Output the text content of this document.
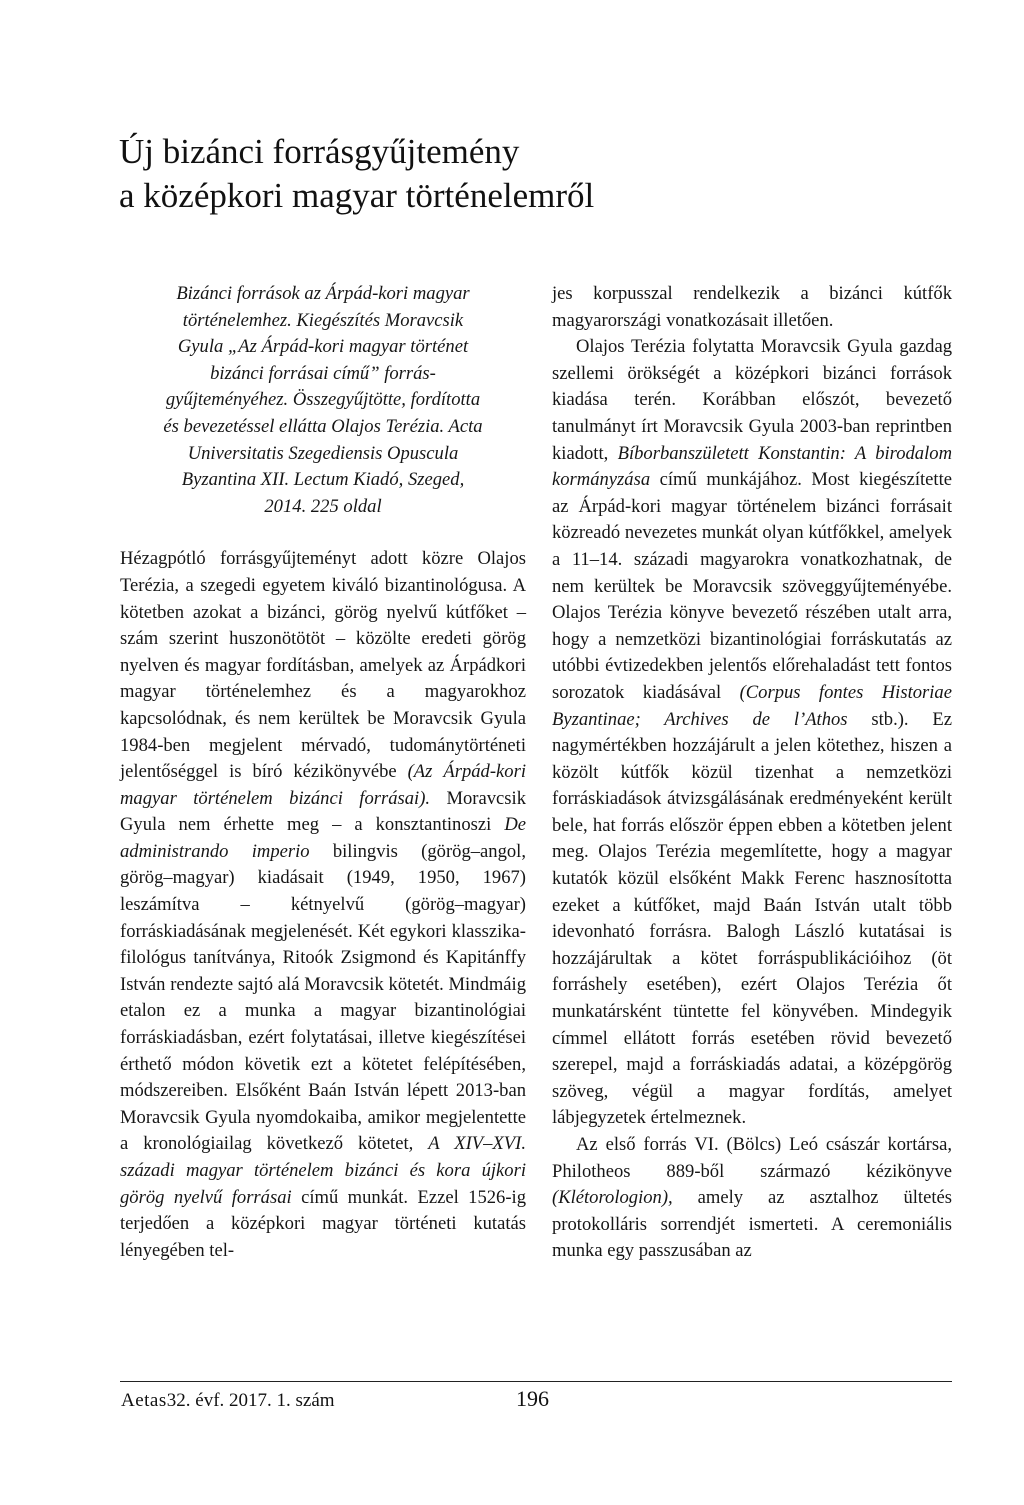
Új bizánci forrásgyűjtemény
a középkori magyar történelemről
Bizánci források az Árpád-kori magyar
történelemhez. Kiegészítés Moravcsik
Gyula „Az Árpád-kori magyar történet
bizánci forrásai című” forrás-
gyűjteményéhez. Összegyűjtötte, fordította
és bevezetéssel ellátta Olajos Terézia. Acta
Universitatis Szegediensis Opuscula
Byzantina XII. Lectum Kiadó, Szeged,
2014. 225 oldal

Hézagpótló forrásgyűjteményt adott közre Olajos Terézia, a szegedi egyetem kiváló bizantinológusa. A kötetben azokat a bizánci, görög nyelvű kútfőket – szám szerint huszonötötöt – közölte eredeti görög nyelven és magyar fordításban, amelyek az Árpádkori magyar történelemhez és a magyarokhoz kapcsolódnak, és nem kerültek be Moravcsik Gyula 1984-ben megjelent mérvadó, tudománytörténeti jelentőséggel is bíró kézikönyvébe (Az Árpád-kori magyar történelem bizánci forrásai). Moravcsik Gyula nem érhette meg – a konsztantinoszi De administrando imperio bilingvis (görög–angol, görög–magyar) kiadásait (1949, 1950, 1967) leszámítva – kétnyelvű (görög–magyar) forráskiadásának megjelenését. Két egykori klasszika-filológus tanítványa, Ritoók Zsigmond és Kapitánffy István rendezte sajtó alá Moravcsik kötetét. Mindmáig etalon ez a munka a magyar bizantinológiai forráskiadásban, ezért folytatásai, illetve kiegészítései érthető módon követik ezt a kötetet felépítésében, módszereiben. Elsőként Baán István lépett 2013-ban Moravcsik Gyula nyomdokaiba, amikor megjelentette a kronológiailag következő kötetet, A XIV–XVI. századi magyar történelem bizánci és kora újkori görög nyelvű forrásai című munkát. Ezzel 1526-ig terjedően a középkori magyar történeti kutatás lényegében tel-

jes korpusszal rendelkezik a bizánci kútfők magyarországi vonatkozásait illetően.

Olajos Terézia folytatta Moravcsik Gyula gazdag szellemi örökségét a középkori bizánci források kiadása terén. Korábban előszót, bevezető tanulmányt írt Moravcsik Gyula 2003-ban reprintben kiadott, Bíborbanszületett Konstantin: A birodalom kormányzása című munkájához. Most kiegészítette az Árpád-kori magyar történelem bizánci forrásait közreadó nevezetes munkát olyan kútfőkkel, amelyek a 11–14. századi magyarokra vonatkozhatnak, de nem kerültek be Moravcsik szöveggyűjteményébe. Olajos Terézia könyve bevezető részében utalt arra, hogy a nemzetközi bizantinológiai forráskutatás az utóbbi évtizedekben jelentős előrehaladást tett fontos sorozatok kiadásával (Corpus fontes Historiae Byzantinae; Archives de l’Athos stb.). Ez nagymértékben hozzájárult a jelen kötethez, hiszen a közölt kútfők közül tizenhat a nemzetközi forráskiadások átvizsgálásának eredményeként került bele, hat forrás először éppen ebben a kötetben jelent meg. Olajos Terézia megemlítette, hogy a magyar kutatók közül elsőként Makk Ferenc hasznosította ezeket a kútfőket, majd Baán István utalt több idevonható forrásra. Balogh László kutatásai is hozzájárultak a kötet forráspublikációihoz (öt forráshely esetében), ezért Olajos Terézia őt munkatársként tüntette fel könyvében. Mindegyik címmel ellátott forrás esetében rövid bevezető szerepel, majd a forráskiadás adatai, a középgörög szöveg, végül a magyar fordítás, amelyet lábjegyzetek értelmeznek.

Az első forrás VI. (Bölcs) Leó császár kortársa, Philotheos 889-ből származó kézikönyve (Klétorologion), amely az asztalhoz ültetés protokolláris sorrendjét ismerteti. A ceremoniális munka egy passzusában az

Aetas32. évf. 2017. 1. szám	196
